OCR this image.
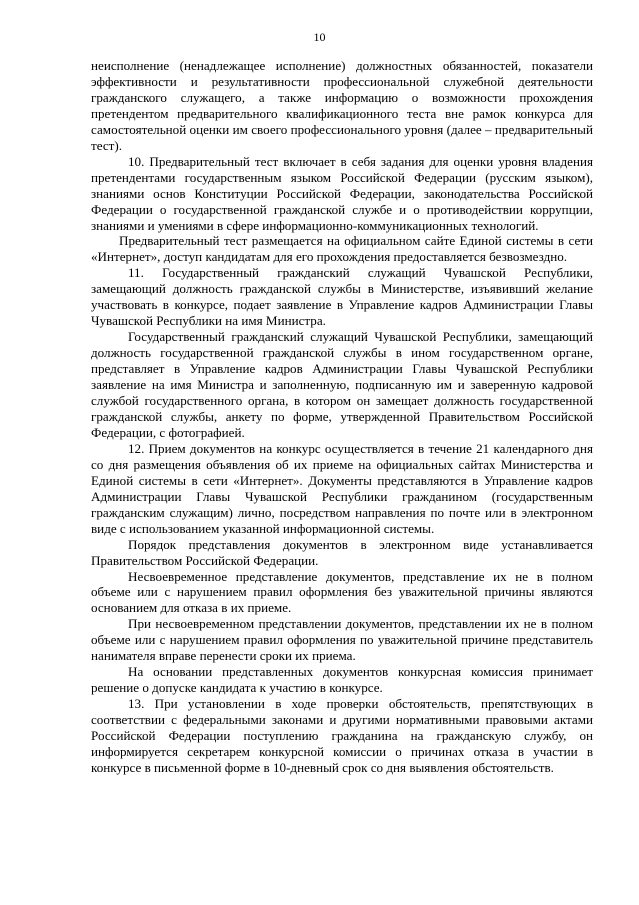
10

неисполнение (ненадлежащее исполнение) должностных обязанностей, показатели эффективности и результативности профессиональной служебной деятельности гражданского служащего, а также информацию о возможности прохождения претендентом предварительного квалификационного теста вне рамок конкурса для самостоятельной оценки им своего профессионального уровня (далее – предварительный тест).

10. Предварительный тест включает в себя задания для оценки уровня владения претендентами государственным языком Российской Федерации (русским языком), знаниями основ Конституции Российской Федерации, законодательства Российской Федерации о государственной гражданской службе и о противодействии коррупции, знаниями и умениями в сфере информационно-коммуникационных технологий.

Предварительный тест размещается на официальном сайте Единой системы в сети «Интернет», доступ кандидатам для его прохождения предоставляется безвозмездно.

11. Государственный гражданский служащий Чувашской Республики, замещающий должность гражданской службы в Министерстве, изъявивший желание участвовать в конкурсе, подает заявление в Управление кадров Администрации Главы Чувашской Республики на имя Министра.

Государственный гражданский служащий Чувашской Республики, замещающий должность государственной гражданской службы в ином государственном органе, представляет в Управление кадров Администрации Главы Чувашской Республики заявление на имя Министра и заполненную, подписанную им и заверенную кадровой службой государственного органа, в котором он замещает должность государственной гражданской службы, анкету по форме, утвержденной Правительством Российской Федерации, с фотографией.

12. Прием документов на конкурс осуществляется в течение 21 календарного дня со дня размещения объявления об их приеме на официальных сайтах Министерства и Единой системы в сети «Интернет». Документы представляются в Управление кадров Администрации Главы Чувашской Республики гражданином (государственным гражданским служащим) лично, посредством направления по почте или в электронном виде с использованием указанной информационной системы.

Порядок представления документов в электронном виде устанавливается Правительством Российской Федерации.

Несвоевременное представление документов, представление их не в полном объеме или с нарушением правил оформления без уважительной причины являются основанием для отказа в их приеме.

При несвоевременном представлении документов, представлении их не в полном объеме или с нарушением правил оформления по уважительной причине представитель нанимателя вправе перенести сроки их приема.

На основании представленных документов конкурсная комиссия принимает решение о допуске кандидата к участию в конкурсе.

13. При установлении в ходе проверки обстоятельств, препятствующих в соответствии с федеральными законами и другими нормативными правовыми актами Российской Федерации поступлению гражданина на гражданскую службу, он информируется секретарем конкурсной комиссии о причинах отказа в участии в конкурсе в письменной форме в 10-дневный срок со дня выявления обстоятельств.
